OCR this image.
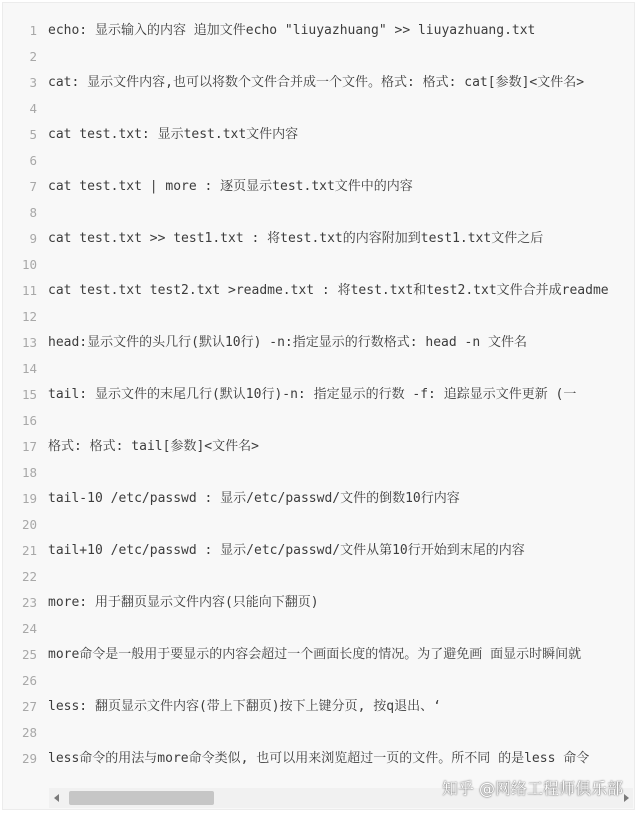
1 echo: 显示输入的内容 追加文件echo "liuyazhuang" >> liuyazhuang.txt
2
3 cat: 显示文件内容,也可以将数个文件合并成一个文件。格式: 格式: cat[参数]<文件名>
4
5 cat test.txt: 显示test.txt文件内容
6
7 cat test.txt | more : 逐页显示test.txt文件中的内容
8
9 cat test.txt >> test1.txt : 将test.txt的内容附加到test1.txt文件之后
10
11 cat test.txt test2.txt >readme.txt : 将test.txt和test2.txt文件合并成readme
12
13 head:显示文件的头几行(默认10行) -n:指定显示的行数格式: head -n 文件名
14
15 tail: 显示文件的末尾几行(默认10行)-n: 指定显示的行数 -f: 追踪显示文件更新 (一
16
17 格式: 格式: tail[参数]<文件名>
18
19 tail-10 /etc/passwd : 显示/etc/passwd/文件的倒数10行内容
20
21 tail+10 /etc/passwd : 显示/etc/passwd/文件从第10行开始到末尾的内容
22
23 more: 用于翻页显示文件内容(只能向下翻页)
24
25 more命令是一般用于要显示的内容会超过一个画面长度的情况。为了避免画 面显示时瞬间就
26
27 less: 翻页显示文件内容(带上下翻页)按下上键分页, 按q退出、‘
28
29 less命令的用法与more命令类似, 也可以用来浏览超过一页的文件。所不同 的是less 命令
知乎 @网络工程师俱乐部
